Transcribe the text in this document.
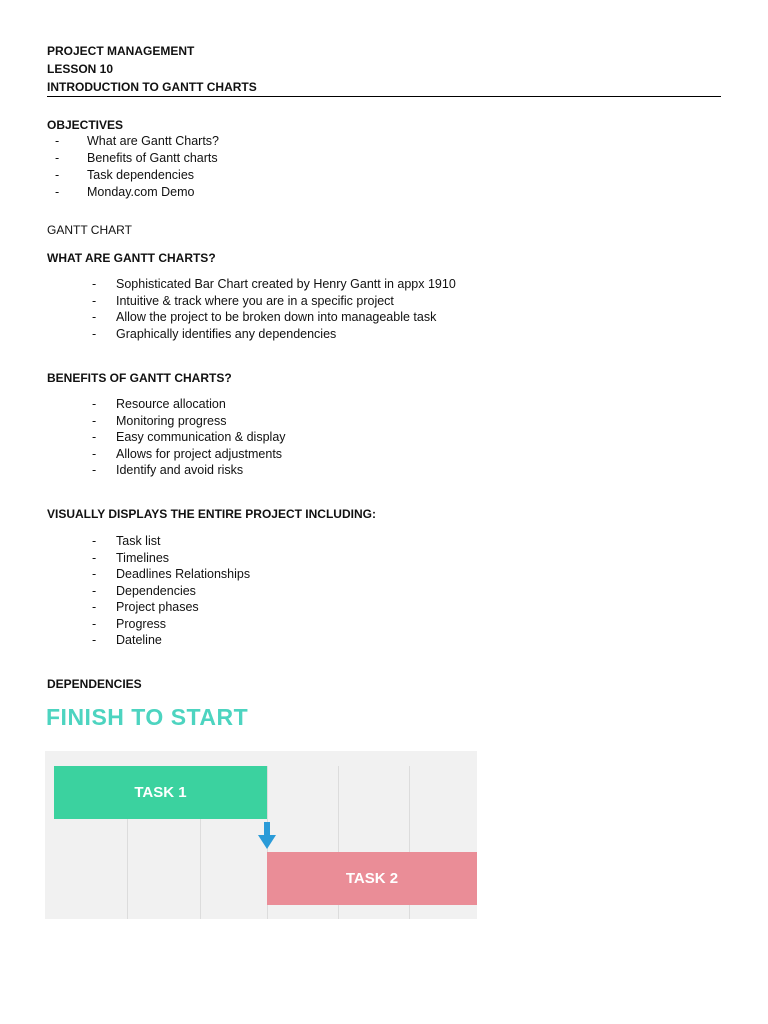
PROJECT MANAGEMENT
LESSON 10
INTRODUCTION TO GANTT CHARTS
OBJECTIVES
- What are Gantt Charts?
- Benefits of Gantt charts
- Task dependencies
- Monday.com Demo
GANTT CHART
WHAT ARE GANTT CHARTS?
- Sophisticated Bar Chart created by Henry Gantt in appx 1910
- Intuitive & track where you are in a specific project
- Allow the project to be broken down into manageable task
- Graphically identifies any dependencies
BENEFITS OF GANTT CHARTS?
- Resource allocation
- Monitoring progress
- Easy communication & display
- Allows for project adjustments
- Identify and avoid risks
VISUALLY DISPLAYS THE ENTIRE PROJECT INCLUDING:
- Task list
- Timelines
- Deadlines Relationships
- Dependencies
- Project phases
- Progress
- Dateline
DEPENDENCIES
FINISH TO START
TASK 1
TASK 2
